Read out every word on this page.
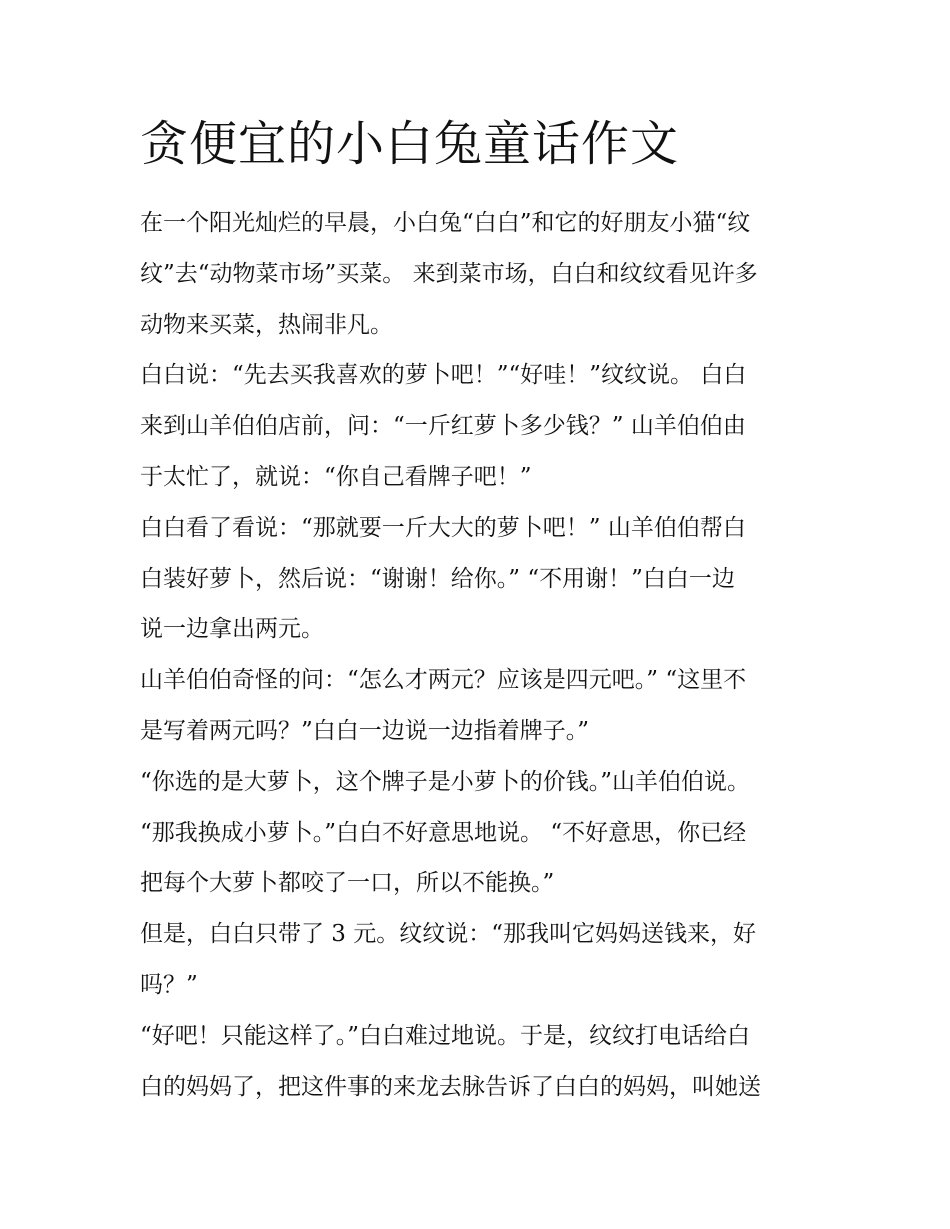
贪便宜的小白兔童话作文

在一个阳光灿烂的早晨，小白兔“白白”和它的好朋友小猫“纹
纹”去“动物菜市场”买菜。 来到菜市场，白白和纹纹看见许多
动物来买菜，热闹非凡。

白白说：“先去买我喜欢的萝卜吧！”“好哇！”纹纹说。 白白
来到山羊伯伯店前，问：“一斤红萝卜多少钱？” 山羊伯伯由
于太忙了，就说：“你自己看牌子吧！”

白白看了看说：“那就要一斤大大的萝卜吧！” 山羊伯伯帮白
白装好萝卜，然后说：“谢谢！给你。” “不用谢！”白白一边
说一边拿出两元。

山羊伯伯奇怪的问：“怎么才两元？应该是四元吧。” “这里不
是写着两元吗？”白白一边说一边指着牌子。”

“你选的是大萝卜，这个牌子是小萝卜的价钱。”山羊伯伯说。

“那我换成小萝卜。”白白不好意思地说。 “不好意思，你已经
把每个大萝卜都咬了一口，所以不能换。”

但是，白白只带了 3 元。纹纹说：“那我叫它妈妈送钱来，好
吗？”

“好吧！只能这样了。”白白难过地说。于是，纹纹打电话给白
白的妈妈了，把这件事的来龙去脉告诉了白白的妈妈，叫她送
